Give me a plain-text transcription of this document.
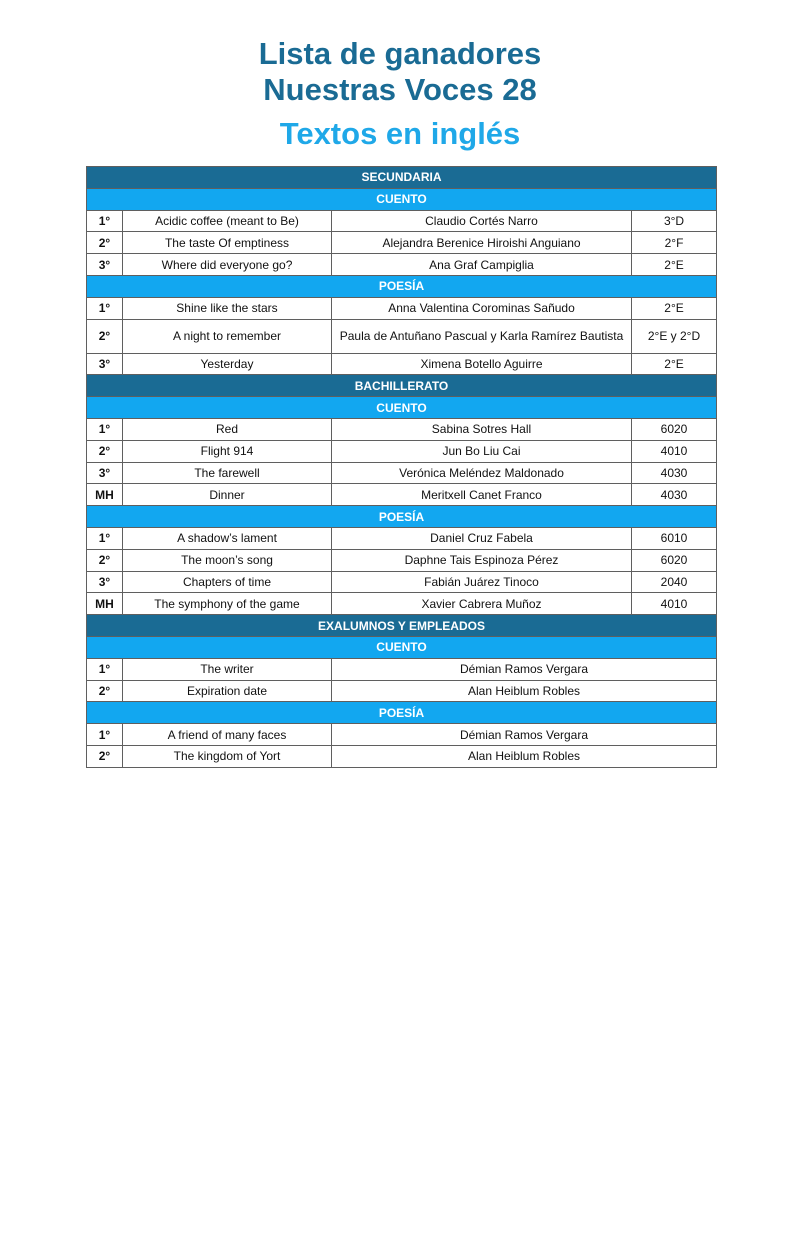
Lista de ganadores
Nuestras Voces 28
Textos en inglés
SECUNDARIA			
CUENTO			
1°	Acidic coffee (meant to Be)	Claudio Cortés Narro	3°D
2°	The taste Of emptiness	Alejandra Berenice Hiroishi Anguiano	2°F
3°	Where did everyone go?	Ana Graf Campiglia	2°E
POESÍA			
1°	Shine like the stars	Anna Valentina Corominas Sañudo	2°E
2°	A night to remember	Paula de Antuñano Pascual y Karla Ramírez Bautista	2°E y 2°D
3°	Yesterday	Ximena Botello Aguirre	2°E
BACHILLERATO			
CUENTO			
1°	Red	Sabina Sotres Hall	6020
2°	Flight 914	Jun Bo Liu Cai	4010
3°	The farewell	Verónica Meléndez Maldonado	4030
MH	Dinner	Meritxell Canet Franco	4030
POESÍA			
1°	A shadow’s lament	Daniel Cruz Fabela	6010
2°	The moon’s song	Daphne Tais Espinoza Pérez	6020
3°	Chapters of time	Fabián Juárez Tinoco	2040
MH	The symphony of the game	Xavier Cabrera Muñoz	4010
EXALUMNOS Y EMPLEADOS			
CUENTO			
1°	The writer	Démian Ramos Vergara	
2°	Expiration date	Alan Heiblum Robles	
POESÍA			
1°	A friend of many faces	Démian Ramos Vergara	
2°	The kingdom of Yort	Alan Heiblum Robles	
